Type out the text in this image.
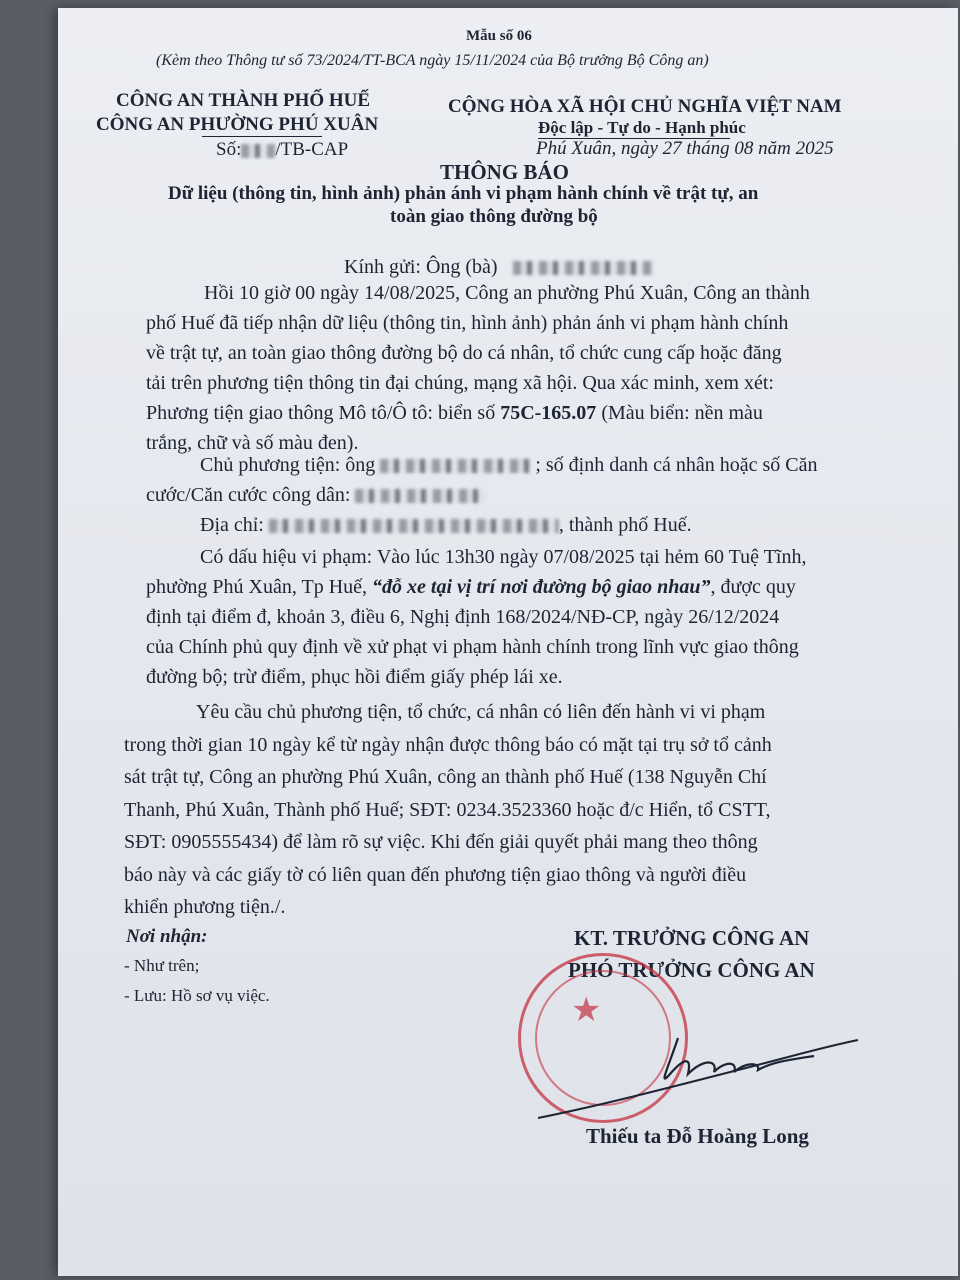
Mẫu số 06
(Kèm theo Thông tư số 73/2024/TT-BCA ngày 15/11/2024 của Bộ trưởng Bộ Công an)
CÔNG AN THÀNH PHỐ HUẾ
CÔNG AN PHƯỜNG PHÚ XUÂN
Số: /TB-CAP
CỘNG HÒA XÃ HỘI CHỦ NGHĨA VIỆT NAM
Độc lập - Tự do - Hạnh phúc
Phú Xuân, ngày 27 tháng 08 năm 2025
THÔNG BÁO
Dữ liệu (thông tin, hình ảnh) phản ánh vi phạm hành chính về trật tự, an
toàn giao thông đường bộ
Kính gửi: Ông (bà)
Hồi 10 giờ 00 ngày 14/08/2025, Công an phường Phú Xuân, Công an thành
phố Huế đã tiếp nhận dữ liệu (thông tin, hình ảnh) phản ánh vi phạm hành chính
về trật tự, an toàn giao thông đường bộ do cá nhân, tổ chức cung cấp hoặc đăng
tải trên phương tiện thông tin đại chúng, mạng xã hội. Qua xác minh, xem xét:
Phương tiện giao thông Mô tô/Ô tô: biển số 75C-165.07 (Màu biển: nền màu
trắng, chữ và số màu đen).
Chủ phương tiện: ông	; số định danh cá nhân hoặc số Căn
cước/Căn cước công dân:
Địa chỉ:	, thành phố Huế.
Có dấu hiệu vi phạm: Vào lúc 13h30 ngày 07/08/2025 tại hẻm 60 Tuệ Tĩnh,
phường Phú Xuân, Tp Huế, “đỗ xe tại vị trí nơi đường bộ giao nhau”, được quy
định tại điểm đ, khoản 3, điều 6, Nghị định 168/2024/NĐ-CP, ngày 26/12/2024
của Chính phủ quy định về xử phạt vi phạm hành chính trong lĩnh vực giao thông
đường bộ; trừ điểm, phục hồi điểm giấy phép lái xe.
Yêu cầu chủ phương tiện, tổ chức, cá nhân có liên đến hành vi vi phạm
trong thời gian 10 ngày kể từ ngày nhận được thông báo có mặt tại trụ sở tổ cảnh
sát trật tự, Công an phường Phú Xuân, công an thành phố Huế (138 Nguyễn Chí
Thanh, Phú Xuân, Thành phố Huế; SĐT: 0234.3523360 hoặc đ/c Hiển, tổ CSTT,
SĐT: 0905555434) để làm rõ sự việc. Khi đến giải quyết phải mang theo thông
báo này và các giấy tờ có liên quan đến phương tiện giao thông và người điều
khiển phương tiện./.
Nơi nhận:
- Như trên;
- Lưu: Hồ sơ vụ việc.
KT. TRƯỞNG CÔNG AN
PHÓ TRƯỞNG CÔNG AN
★
Thiếu ta Đỗ Hoàng Long
